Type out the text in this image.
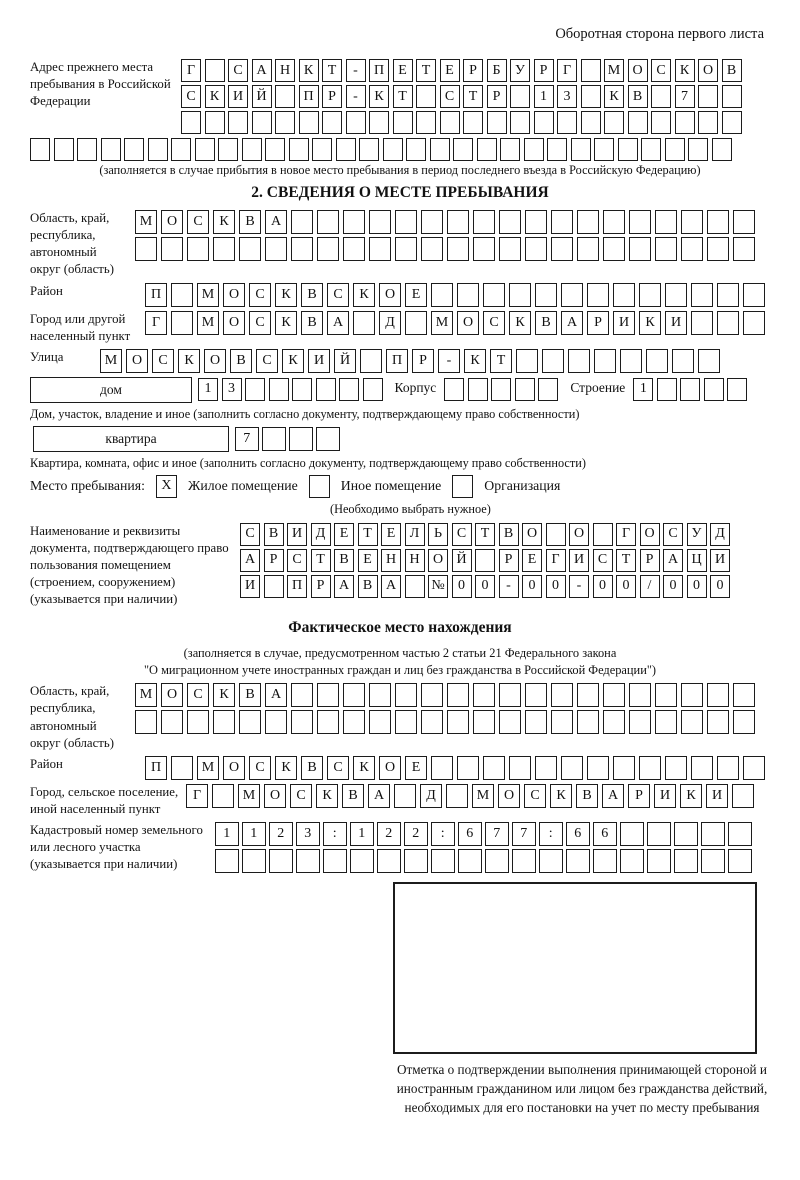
Оборотная сторона первого листа
Адрес прежнего места пребывания в Российской Федерации
Г	С А Н К	Т	-	П	Е	Т	Е	Р	Б	У	Р	Г	М О С	К О В
С	К И Й	П	Р	-	К	Т	С	Т	Р	1	3	К	В	7
(заполняется в случае прибытия в новое место пребывания в период последнего въезда в Российскую Федерацию)
2. СВЕДЕНИЯ О МЕСТЕ ПРЕБЫВАНИЯ
Область, край, республика, автономный округ (область)
М	О	С	К	В	А
Район	П	М	О	С	К	В	С	К	О	Е
Город или другой населенный пункт
Г	М	О	С	К	В	А	Д	М	О	С	К	В	А	Р	И	К	И
Улица	М	О	С	К	О	В	С	К	И	Й	П	Р	-	К	Т
дом	1	3	Корпус	Строение	1
Дом, участок, владение и иное (заполнить согласно документу, подтверждающему право собственности)
квартира	7
Квартира, комната, офис и иное (заполнить согласно документу, подтверждающему право собственности)
Место пребывания:	X	Жилое помещение	Иное помещение	Организация
(Необходимо выбрать нужное)
Наименование и реквизиты документа, подтверждающего право пользования помещением (строением, сооружением) (указывается при наличии)
С	В И Д	Е	Т	Е	Л	Ь	С	Т	В О	О	Г	О С У Д
А	Р	С	Т	В	Е	Н Н О Й	Р	Е	Г	И С	Т	Р	А Ц И
И	П	Р	А В А	№ 0	0	-	0	0	-	0	0	/	0	0	0
Фактическое место нахождения
(заполняется в случае, предусмотренном частью 2 статьи 21 Федерального закона
"О миграционном учете иностранных граждан и лиц без гражданства в Российской Федерации")
Область, край, республика, автономный округ (область)
М	О	С	К	В	А
Район	П	М	О	С	К	В	С	К	О	Е
Город, сельское поселение, иной населенный пункт
Г	М	О	С	К	В	А	Д	М	О	С	К	В	А	Р	И	К	И
Кадастровый номер земельного или лесного участка (указывается при наличии)
1	1	2	3	:	1	2	2	:	6	7	7	:	6	6
Отметка о подтверждении выполнения принимающей стороной и иностранным гражданином или лицом без гражданства действий, необходимых для его постановки на учет по месту пребывания
